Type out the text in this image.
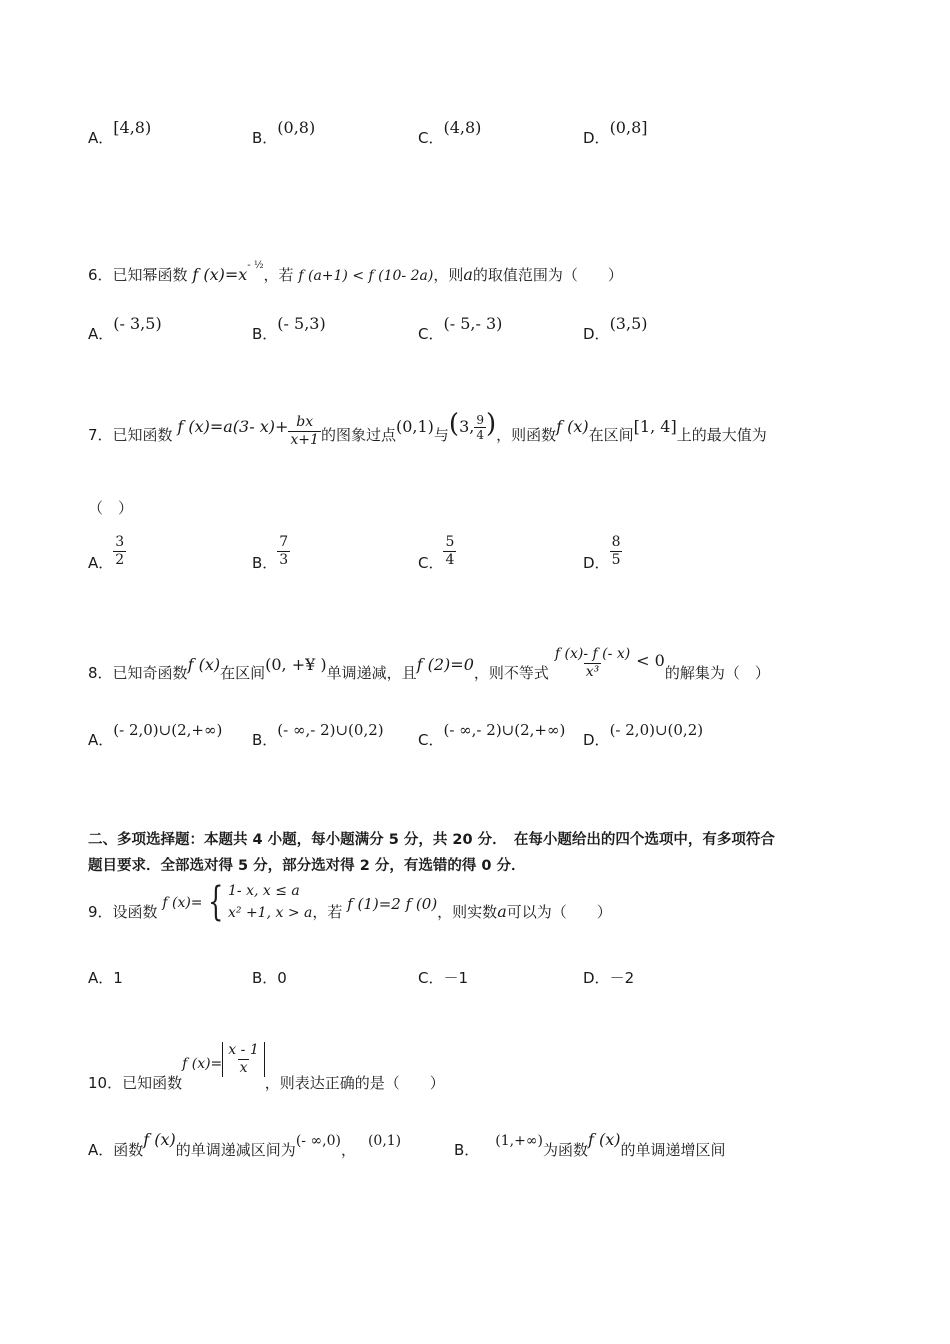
A．[4,8)
B．(0,8)
C．(4,8)
D．(0,8]
6．已知幂函数 f $(x)=x^{- \frac{1}{2}}$，若 f (a+1) < f (10- 2a)，则a的取值范围为（　　）
A．(- 3,5)
B．(- 5,3)
C．(- 5,- 3)
D．(3,5)
7．已知函数 f (x)=a(3- $x)+ \frac{bx}{x+1}$ 的图象过点(0,1)与(3, $\frac{9}{4}$ )，则函数f (x)在区间[1, 4]上的最大值为
（　）
A． $\frac{3}{2}$	B． $\frac{7}{3}$	C． $\frac{5}{4}$	D． $\frac{8}{5}$
8．已知奇函数f (x)在区间(0, +¥ )单调递减，且f (2)=0，则不等式 $\frac{f (x)- f (- x)}{\text{x³}} < 0$的解集为（　）
A．(- 2,0)∪(2,+∞)
B．(- ∞,- 2)∪(0,2)
C．(- ∞,- 2)∪(2,+∞)
D．(- 2,0)∪(0,2)
二、多项选择题：本题共 4 小题，每小题满分 5 分，共 20 分．　在每小题给出的四个选项中，有多项符合
题目要求．全部选对得 5 分，部分选对得 2 分，有选错的得 0 分．
9．设函数 f (x)= { 1- x, x ≤ a
x² +1, x > a ，若 f (1)=2 f (0)，则实数a可以为（　　）
A．1	B．0	C．－1	D．－2
10．已知函数f $(x)= \frac{x - 1}{x}$
，则表达正确的是（　　）
A．函数f (x)的单调递减区间为(- ∞,0)， (0,1)	B． (1,+∞)为函数f (x)的单调递增区间
